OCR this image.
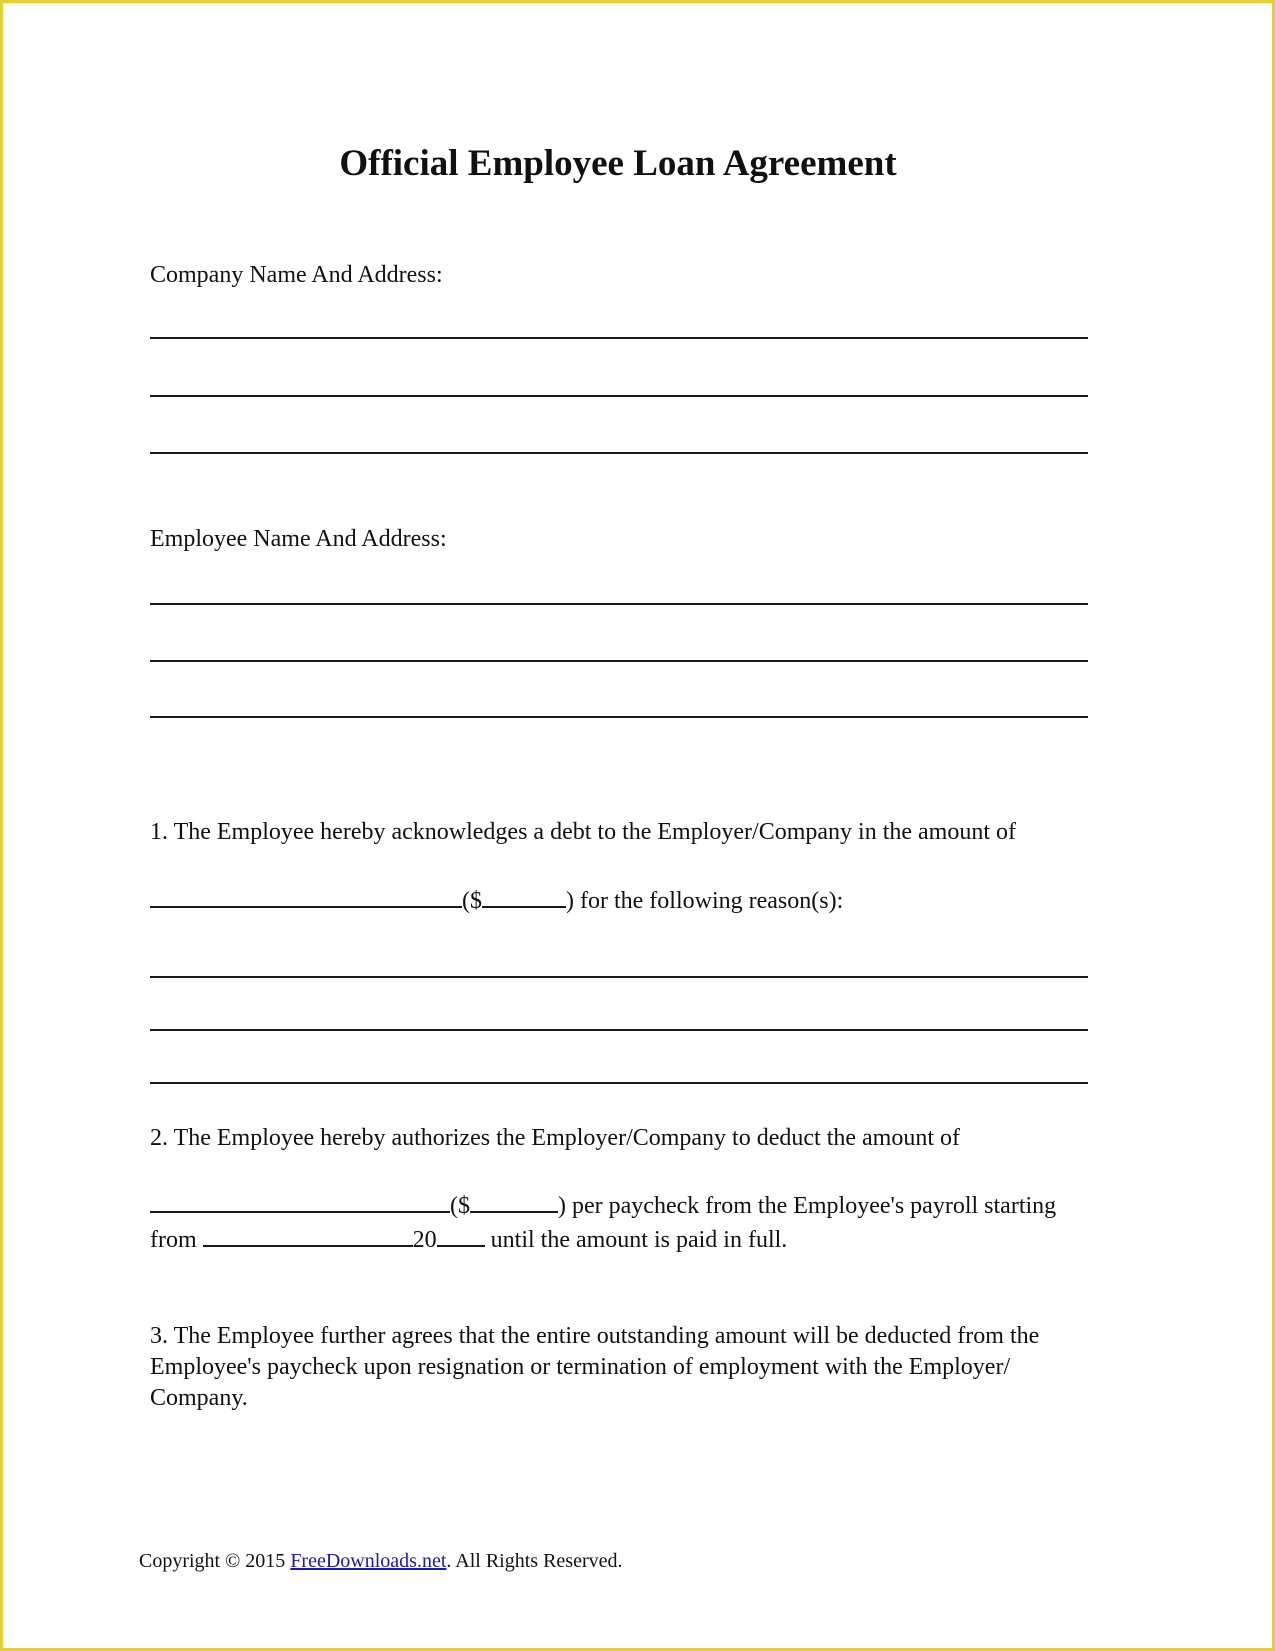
Official Employee Loan Agreement
Company Name And Address:
Employee Name And Address:
1. The Employee hereby acknowledges a debt to the Employer/Company in the amount of
($	) for the following reason(s):
2. The Employee hereby authorizes the Employer/Company to deduct the amount of
($	) per paycheck from the Employee's payroll starting
from	20 until the amount is paid in full.
3. The Employee further agrees that the entire outstanding amount will be deducted from the Employee's paycheck upon resignation or termination of employment with the Employer/ Company.
Copyright © 2015 FreeDownloads.net. All Rights Reserved.
